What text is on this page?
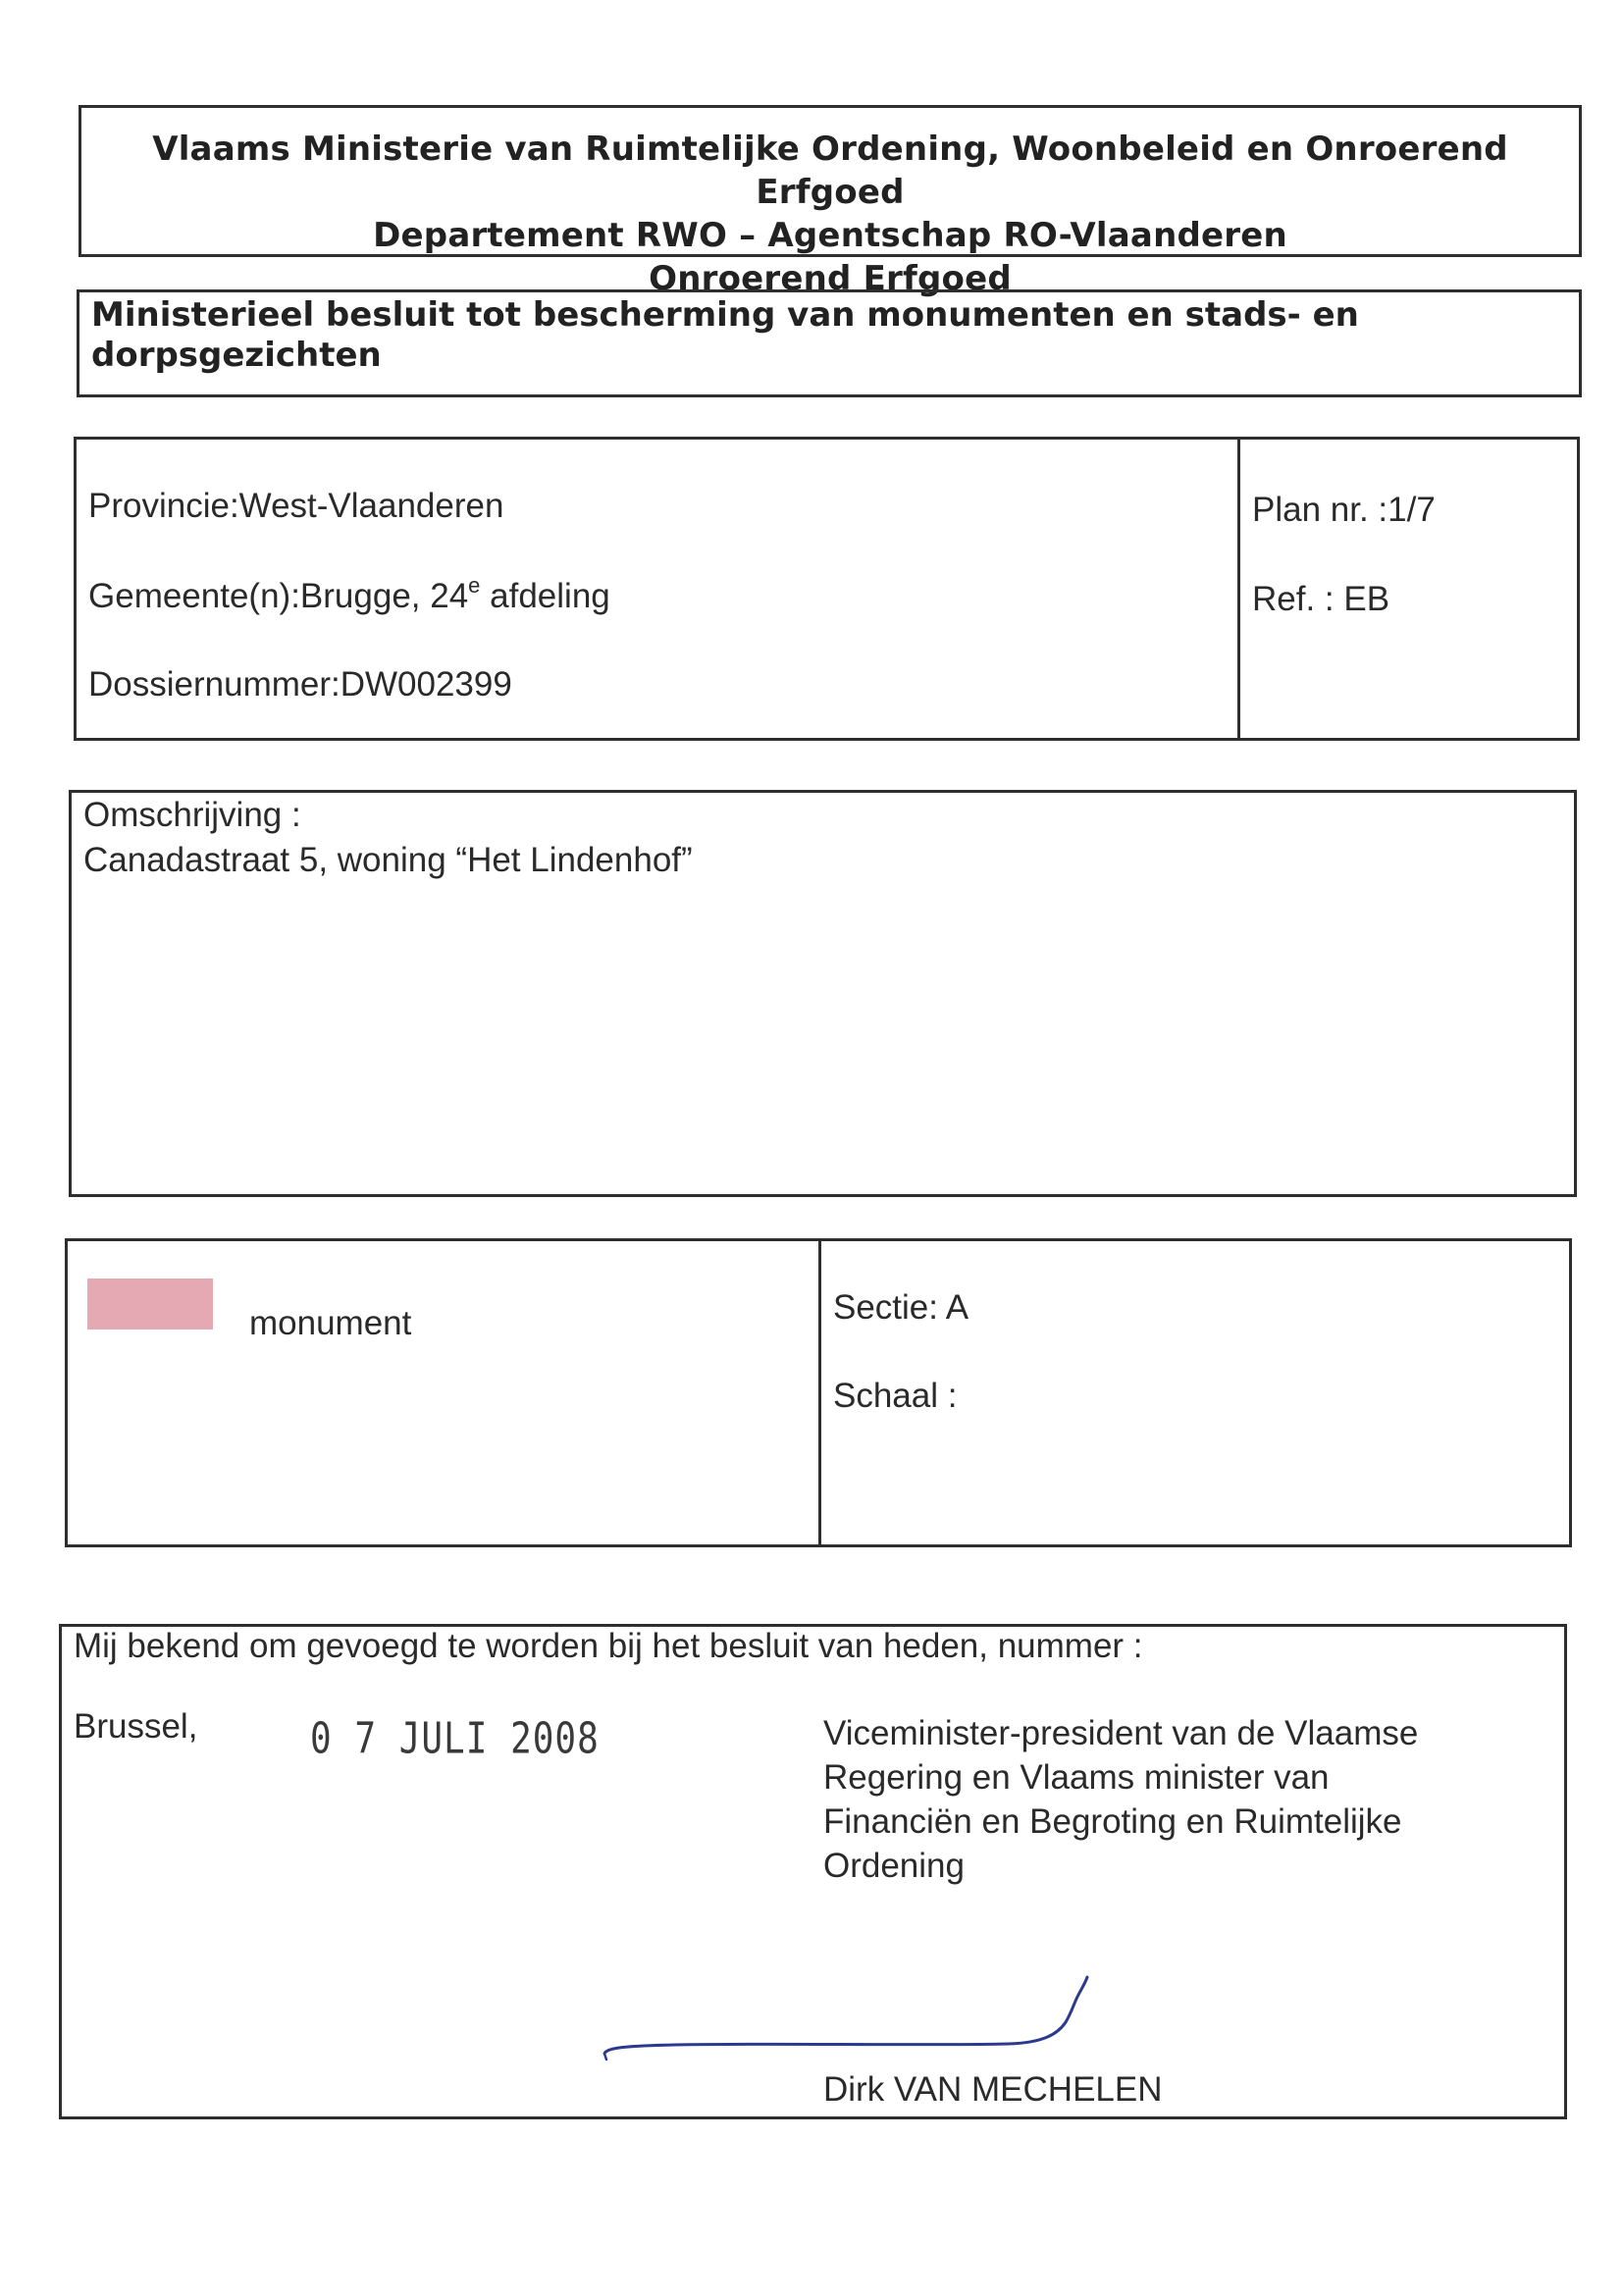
Vlaams Ministerie van Ruimtelijke Ordening, Woonbeleid en Onroerend Erfgoed
Departement RWO – Agentschap RO-Vlaanderen
Onroerend Erfgoed
Ministerieel besluit tot bescherming van monumenten en stads- en
dorpsgezichten
Provincie:West-Vlaanderen
Gemeente(n):Brugge, 24e afdeling
Dossiernummer:DW002399
Plan nr. :1/7
Ref. : EB
Omschrijving :
Canadastraat 5, woning “Het Lindenhof”
monument	Sectie: A
Schaal :
Mij bekend om gevoegd te worden bij het besluit van heden, nummer :
Brussel,	0 7 JULI 2008	Viceminister-president van de Vlaamse
Regering en Vlaams minister van
Financiën en Begroting en Ruimtelijke
Ordening
Dirk VAN MECHELEN
